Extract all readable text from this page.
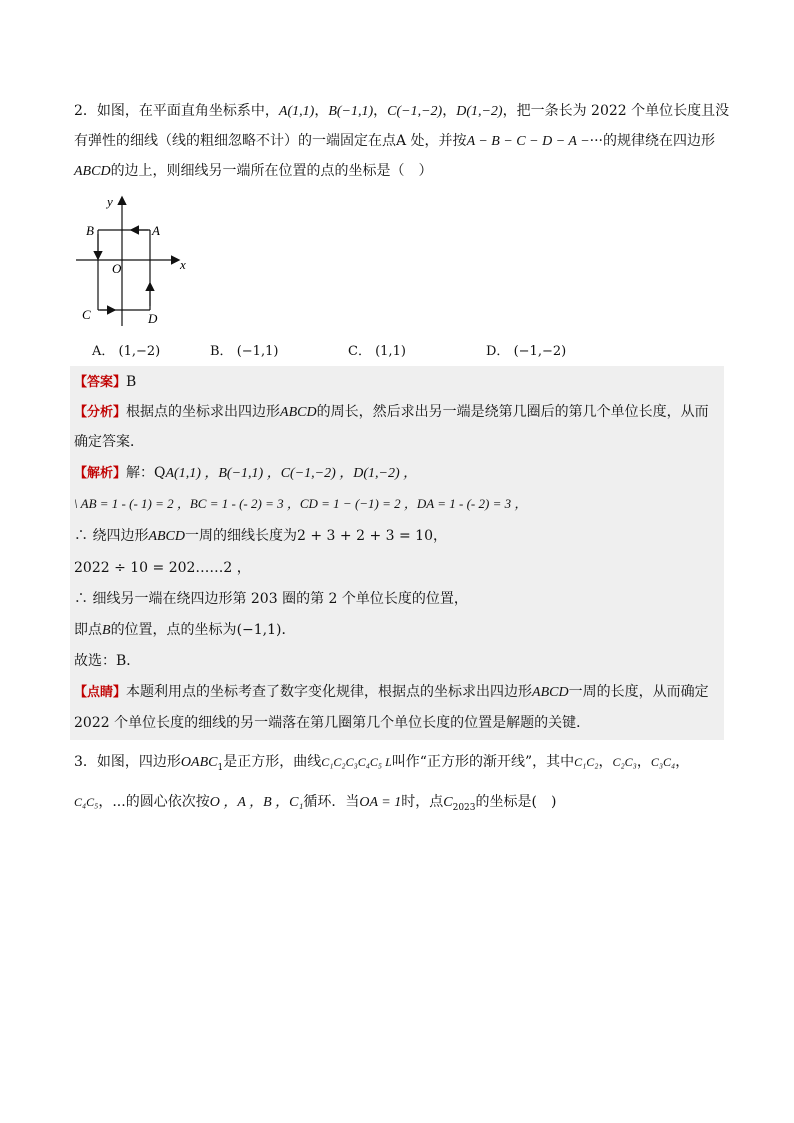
2．如图，在平面直角坐标系中，A(1,1)，B(−1,1)，C(−1,−2)，D(1,−2)，把一条长为 2022 个单位长度且没
有弹性的细线（线的粗细忽略不计）的一端固定在点A 处，并按A − B − C − D − A −···的规律绕在四边形
ABCD的边上，则细线另一端所在位置的点的坐标是（　）
y
x
O
A
B
C	D
A． (1,−2)	B． (−1,1)	C． (1,1)	D． (−1,−2)
【答案】B
【分析】根据点的坐标求出四边形ABCD的周长，然后求出另一端是绕第几圈后的第几个单位长度，从而
确定答案．
【解析】解：QA(1,1) ，B(−1,1) ，C(−1,−2) ，D(1,−2) ，
\ AB = 1 - (- 1) = 2 ，BC = 1 - (- 2) = 3 ，CD = 1 − (−1) = 2 ，DA = 1 - (- 2) = 3 ，
∴ 绕四边形ABCD一周的细线长度为2 + 3 + 2 + 3 = 10，
2022 ÷ 10 = 202……2 ，
∴ 细线另一端在绕四边形第 203 圈的第 2 个单位长度的位置，
即点B的位置，点的坐标为(−1,1)．
故选：B．
【点睛】本题利用点的坐标考查了数字变化规律，根据点的坐标求出四边形ABCD一周的长度，从而确定
2022 个单位长度的细线的另一端落在第几圈第几个单位长度的位置是解题的关键．
3．如图，四边形$OABC_1$是正方形，曲线C₁C₂C₃C₄C₅ L叫作“正方形的渐开线”，其中C₁C₂，C₂C₃，C₃C₄，
C₄C₅，...的圆心依次按O ，A ，B ，C₁循环．当OA = 1时，点$C_{2023}$的坐标是(　)
